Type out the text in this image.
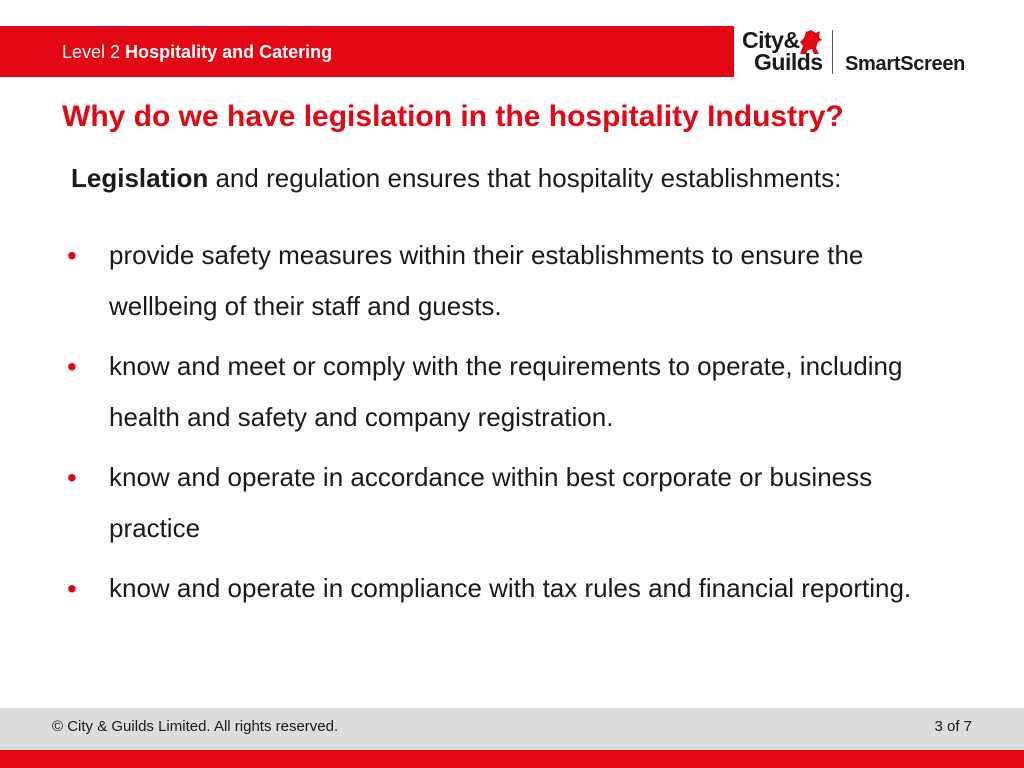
Level 2 Hospitality and Catering	City&
Guilds SmartScreen
Why do we have legislation in the hospitality Industry?
Legislation and regulation ensures that hospitality establishments:
• provide safety measures within their establishments to ensure the wellbeing of their staff and guests.
• know and meet or comply with the requirements to operate, including health and safety and company registration.
• know and operate in accordance within best corporate or business practice
• know and operate in compliance with tax rules and financial reporting.
© City & Guilds Limited. All rights reserved.	3 of 7
